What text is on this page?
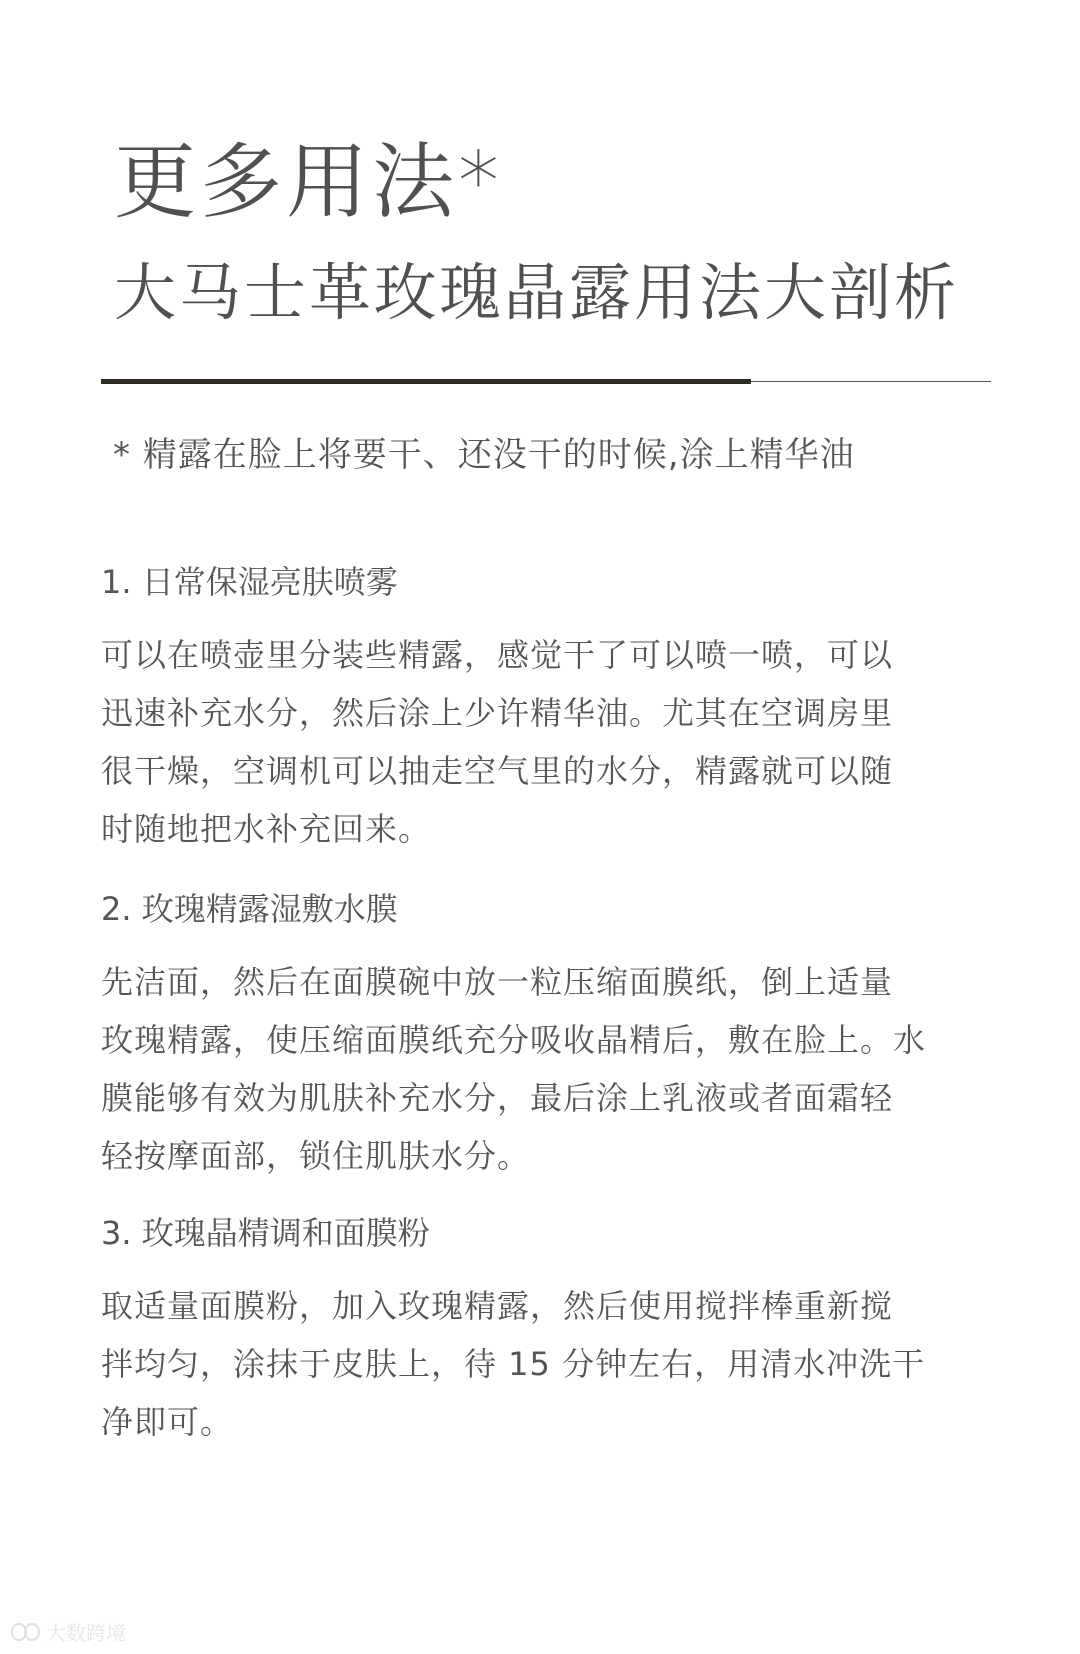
更多用法*
大马士革玫瑰晶露用法大剖析
* 精露在脸上将要干、还没干的时候,涂上精华油
1. 日常保湿亮肤喷雾
可以在喷壶里分装些精露，感觉干了可以喷一喷，可以
迅速补充水分，然后涂上少许精华油。尤其在空调房里
很干燥，空调机可以抽走空气里的水分，精露就可以随
时随地把水补充回来。
2. 玫瑰精露湿敷水膜
先洁面，然后在面膜碗中放一粒压缩面膜纸，倒上适量
玫瑰精露，使压缩面膜纸充分吸收晶精后，敷在脸上。水
膜能够有效为肌肤补充水分，最后涂上乳液或者面霜轻
轻按摩面部，锁住肌肤水分。
3. 玫瑰晶精调和面膜粉
取适量面膜粉，加入玫瑰精露，然后使用搅拌棒重新搅
拌均匀，涂抹于皮肤上，待 15 分钟左右，用清水冲洗干
净即可。
大数跨境
